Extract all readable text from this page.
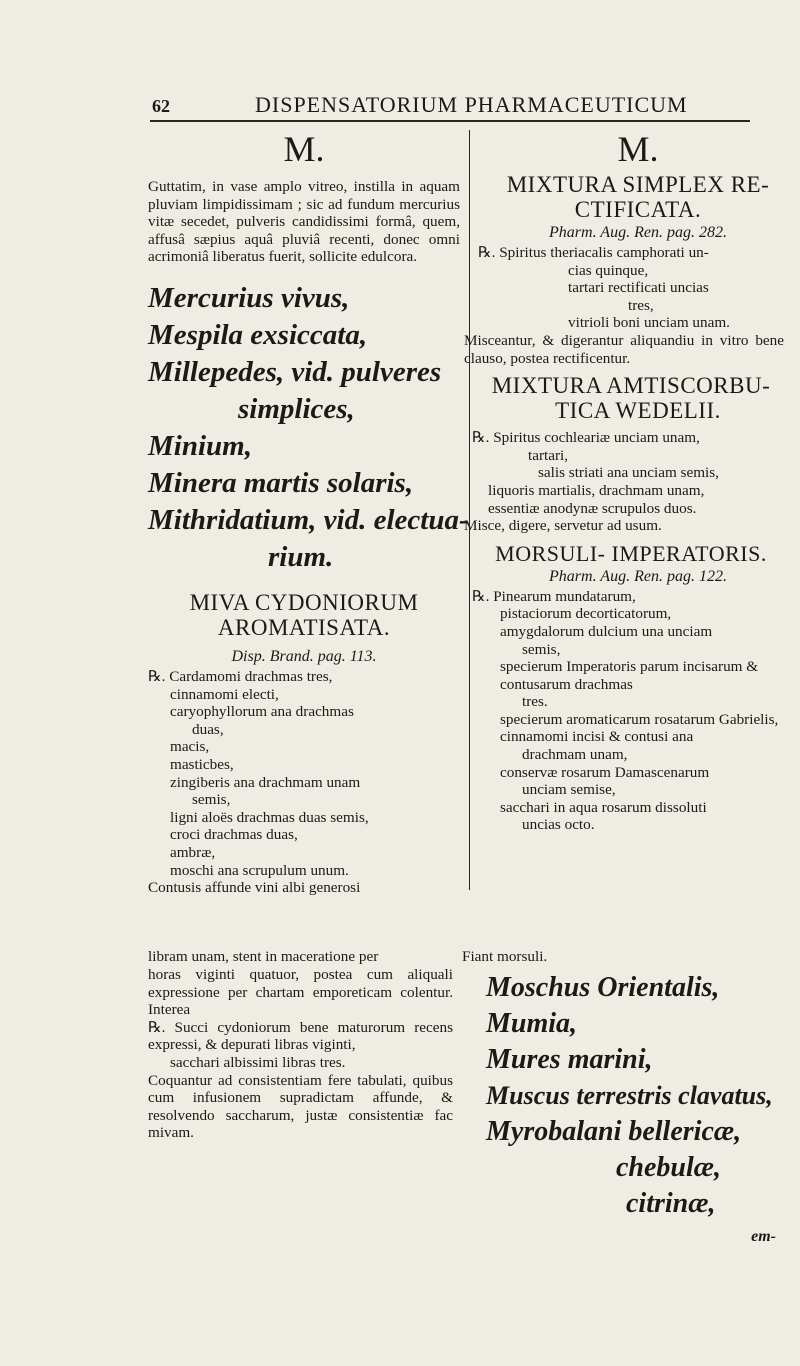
62	DISPENSATORIUM PHARMACEUTICUM
M.

Guttatim, in vase amplo vitreo, instilla in aquam pluviam limpidissimam ; sic ad fundum mercurius vitæ secedet, pulveris candidissimi formâ, quem, affusâ sæpius aquâ pluviâ recenti, donec omni acrimoniâ liberatus fuerit, sollicite edulcora.

Mercurius vivus,

Mespila exsiccata,

Millepedes, vid. pulveres

simplices,

Minium,

Minera martis solaris,

Mithridatium, vid. electua-

rium.

MIVA CYDONIORUM

AROMATISATA.

Disp. Brand. pag. 113.

℞. Cardamomi drachmas tres,

cinnamomi electi,

caryophyllorum ana drachmas

duas,

macis,

masticbes,

zingiberis ana drachmam unam

semis,

ligni aloës drachmas duas semis,

croci drachmas duas,

ambræ,

moschi ana scrupulum unum.

Contusis affunde vini albi generosi

libram unam, stent in maceratione per	Fiant morsuli.

horas viginti quatuor, postea cum aliquali expressione per chartam emporeticam colentur. Interea

℞. Succi cydoniorum bene maturorum recens expressi, & depurati libras viginti,

sacchari albissimi libras tres.

Coquantur ad consistentiam fere tabulati, quibus cum infusionem supradictam affunde, & resolvendo saccharum, justæ consistentiæ fac mivam.

M.

MIXTURA SIMPLEX RE-

CTIFICATA.

Pharm. Aug. Ren. pag. 282.

℞. Spiritus theriacalis camphorati un-

cias quinque,

tartari rectificati uncias

tres,

vitrioli boni unciam unam.

Misceantur, & digerantur aliquandiu in vitro bene clauso, postea rectificentur.

MIXTURA AMTISCORBU-

TICA WEDELII.

℞. Spiritus cochleariæ unciam unam,

tartari,

salis striati ana unciam semis,

liquoris martialis, drachmam unam,

essentiæ anodynæ scrupulos duos.

Misce, digere, servetur ad usum.

MORSULI- IMPERATORIS.

Pharm. Aug. Ren. pag. 122.

℞. Pinearum mundatarum,

pistaciorum decorticatorum,

amygdalorum dulcium una unciam

semis,

specierum Imperatoris parum incisarum & contusarum drachmas

tres.

specierum aromaticarum rosatarum Gabrielis,

cinnamomi incisi & contusi ana

drachmam unam,

conservæ rosarum Damascenarum

unciam semise,

sacchari in aqua rosarum dissoluti

uncias octo.

Moschus Orientalis,

Mumia,

Mures marini,

Muscus terrestris clavatus,

Myrobalani bellericæ,

chebulæ,

citrinæ,

em-
